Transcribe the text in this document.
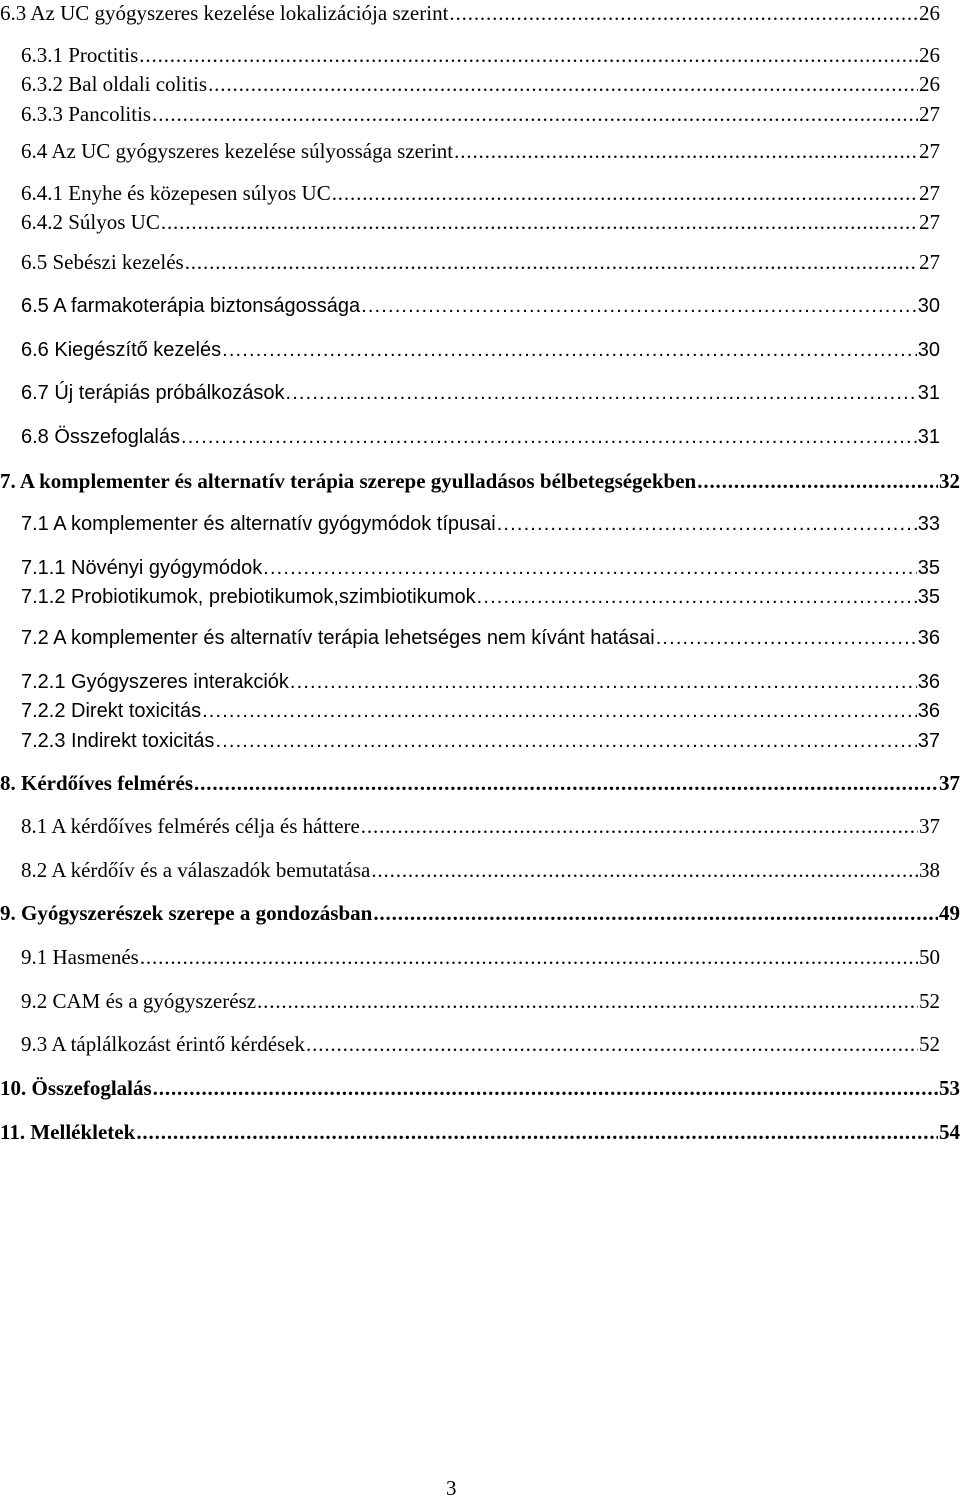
6.3 Az UC gyógyszeres kezelése lokalizációja szerint . . .	26
6.3.1 Proctitis . . .	26
6.3.2 Bal oldali colitis . . .	26
6.3.3 Pancolitis . . .	27
6.4 Az UC gyógyszeres kezelése súlyossága szerint . . .	27
6.4.1 Enyhe és közepesen súlyos UC . . .	27
6.4.2 Súlyos UC . . .	27
6.5 Sebészi kezelés . . .	27
6.5 A farmakoterápia biztonságossága . . .	30
6.6 Kiegészítő kezelés . . .	30
6.7 Új terápiás próbálkozások . . .	31
6.8 Összefoglalás . . .	31
7. A komplementer és alternatív terápia szerepe gyulladásos bélbetegségekben . . .	32
7.1 A komplementer és alternatív gyógymódok típusai . . .	33
7.1.1 Növényi gyógymódok . . .	35
7.1.2 Probiotikumok, prebiotikumok,szimbiotikumok . . .	35
7.2 A komplementer és alternatív terápia lehetséges nem kívánt hatásai . . .	36
7.2.1 Gyógyszeres interakciók . . .	36
7.2.2 Direkt toxicitás . . .	36
7.2.3 Indirekt toxicitás . . .	37
8. Kérdőíves felmérés . . .	37
8.1 A kérdőíves felmérés célja és háttere . . .	37
8.2 A kérdőív és a válaszadók bemutatása . . .	38
9. Gyógyszerészek szerepe a gondozásban . . .	49
9.1 Hasmenés . . .	50
9.2 CAM és a gyógyszerész . . .	52
9.3 A táplálkozást érintő kérdések . . .	52
10. Összefoglalás . . .	53
11. Mellékletek . . .	54
3
